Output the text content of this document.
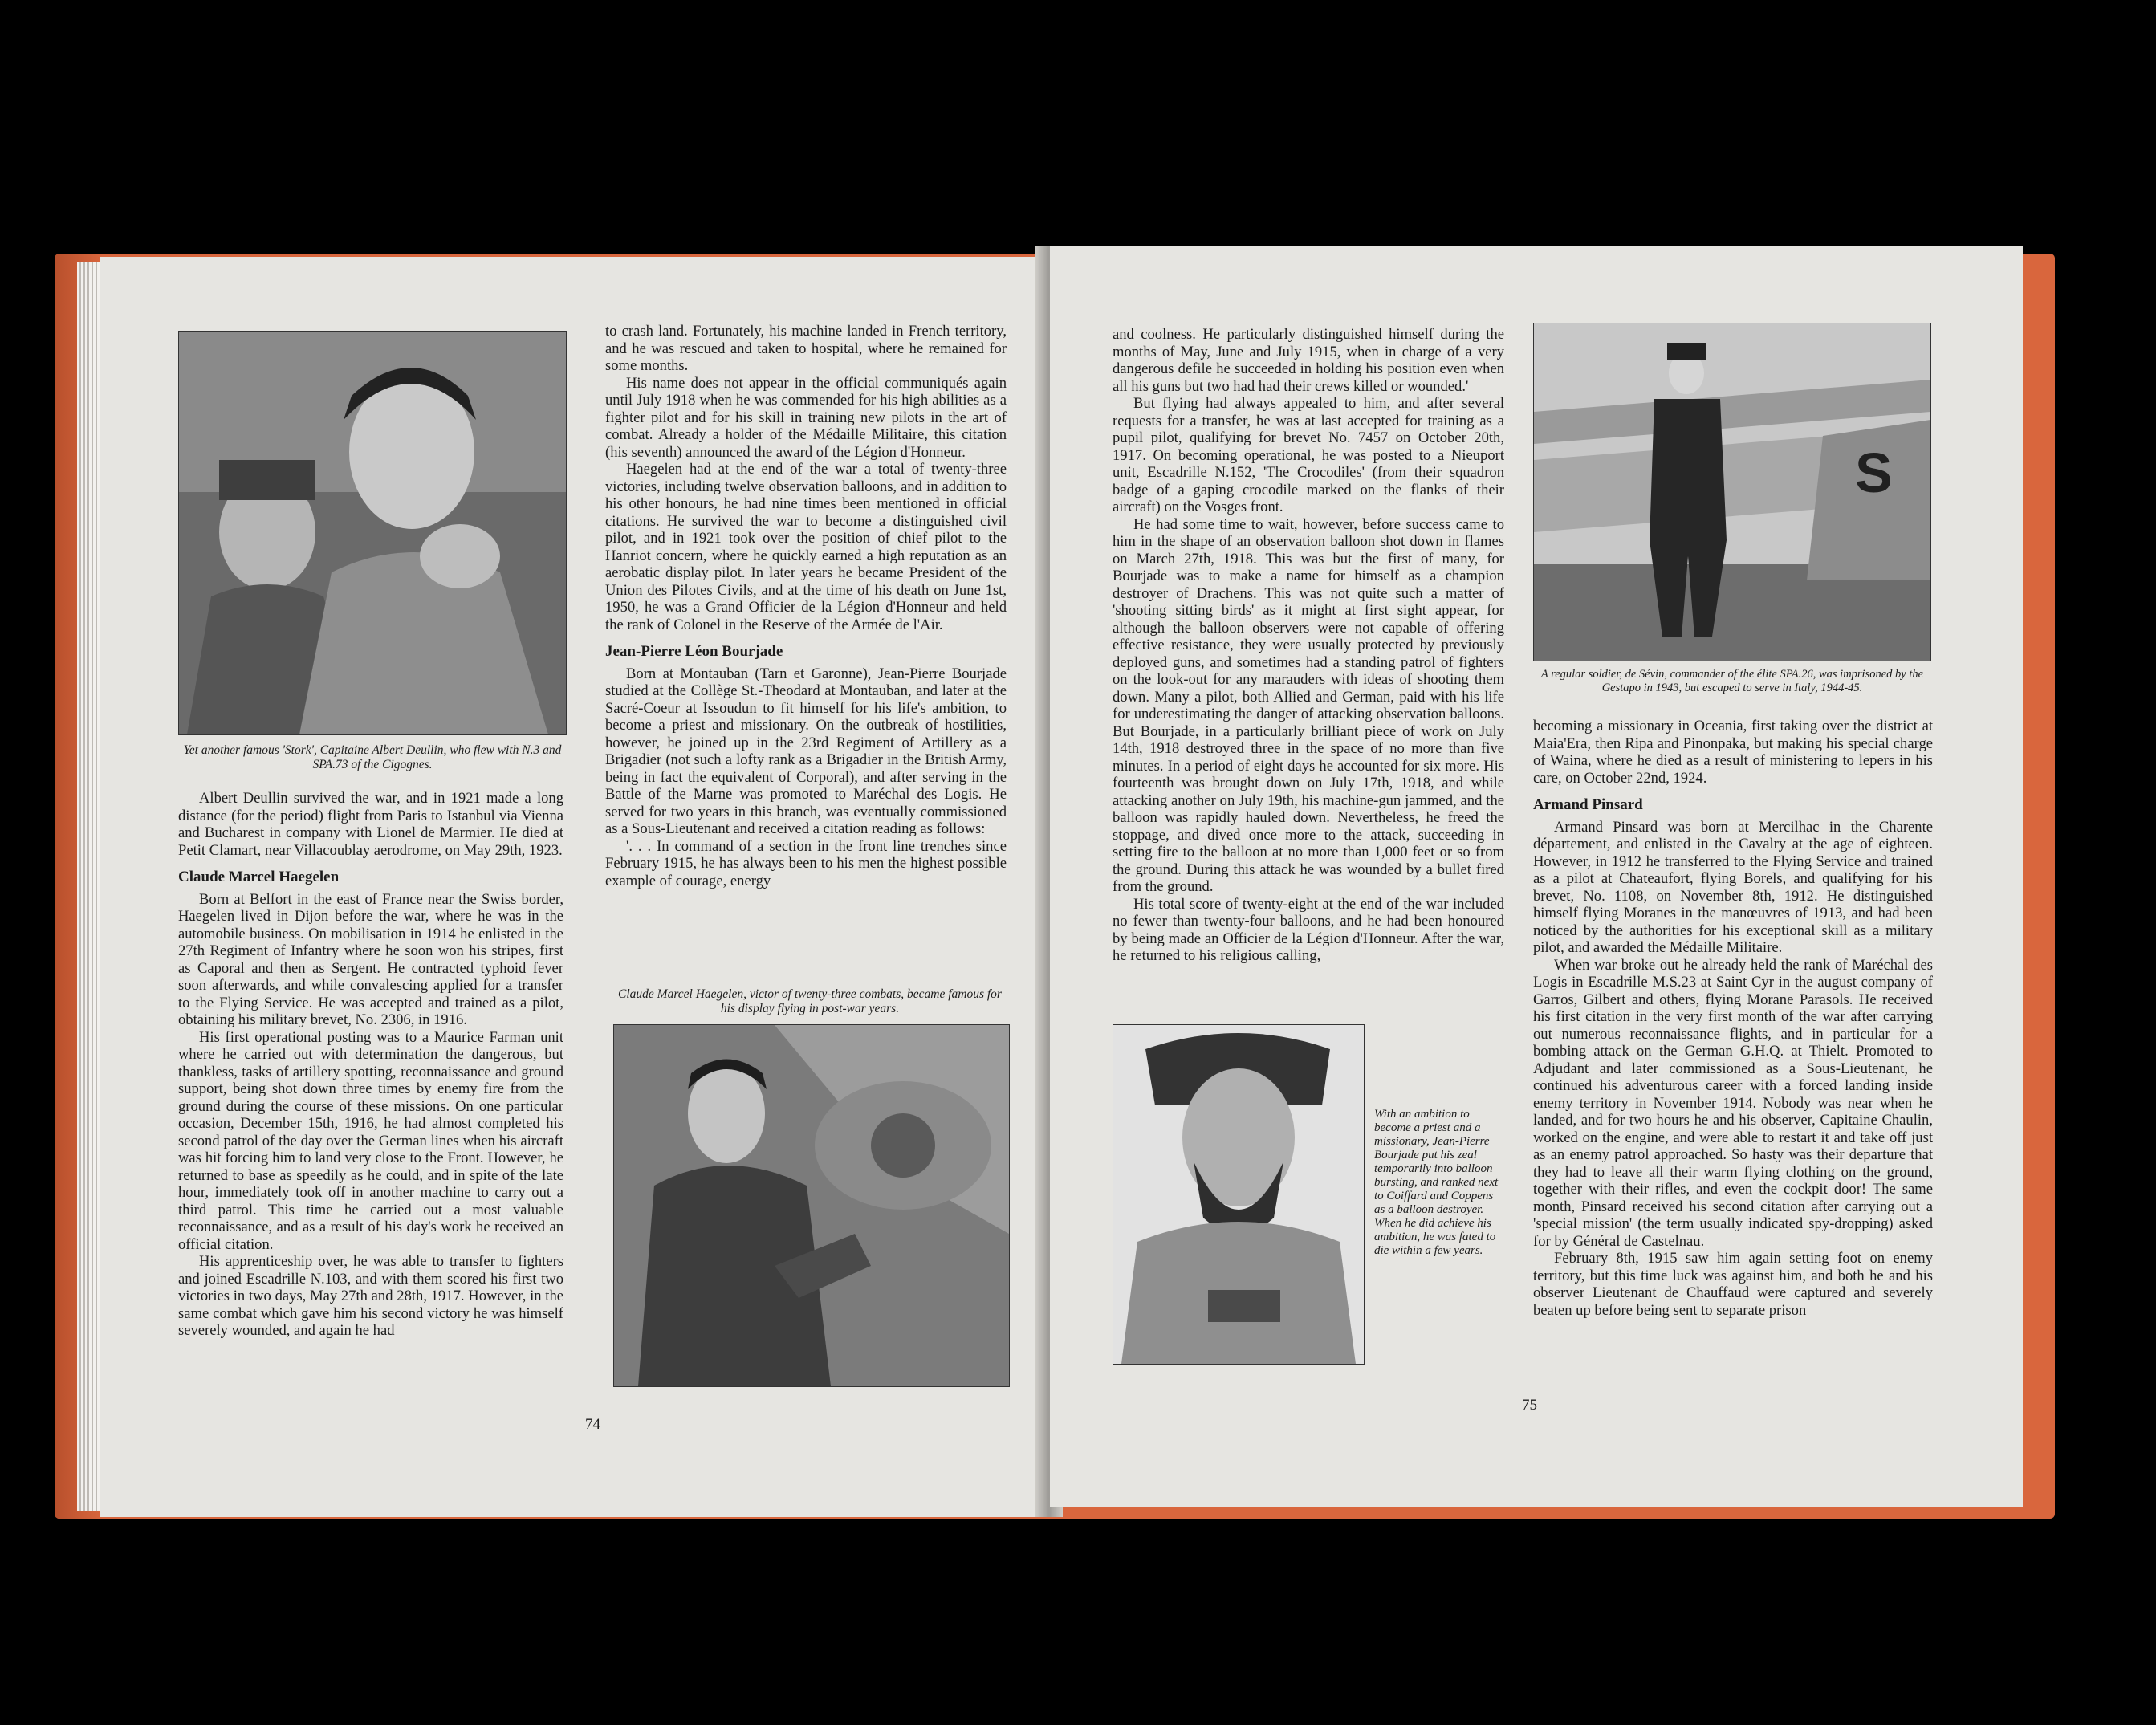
Yet another famous 'Stork', Capitaine Albert Deullin, who flew with N.3 and SPA.73 of the Cigognes.

Albert Deullin survived the war, and in 1921 made a long distance (for the period) flight from Paris to Istanbul via Vienna and Bucharest in company with Lionel de Marmier. He died at Petit Clamart, near Villacoublay aerodrome, on May 29th, 1923.

Claude Marcel Haegelen

Born at Belfort in the east of France near the Swiss border, Haegelen lived in Dijon before the war, where he was in the automobile business. On mobilisation in 1914 he enlisted in the 27th Regiment of Infantry where he soon won his stripes, first as Caporal and then as Sergent. He contracted typhoid fever soon afterwards, and while convalescing applied for a transfer to the Flying Service. He was accepted and trained as a pilot, obtaining his military brevet, No. 2306, in 1916.

His first operational posting was to a Maurice Farman unit where he carried out with determination the dangerous, but thankless, tasks of artillery spotting, reconnaissance and ground support, being shot down three times by enemy fire from the ground during the course of these missions. On one particular occasion, December 15th, 1916, he had almost completed his second patrol of the day over the German lines when his aircraft was hit forcing him to land very close to the Front. However, he returned to base as speedily as he could, and in spite of the late hour, immediately took off in another machine to carry out a third patrol. This time he carried out a most valuable reconnaissance, and as a result of his day's work he received an official citation.

His apprenticeship over, he was able to transfer to fighters and joined Escadrille N.103, and with them scored his first two victories in two days, May 27th and 28th, 1917. However, in the same combat which gave him his second victory he was himself severely wounded, and again he had

to crash land. Fortunately, his machine landed in French territory, and he was rescued and taken to hospital, where he remained for some months.

His name does not appear in the official communiqués again until July 1918 when he was commended for his high abilities as a fighter pilot and for his skill in training new pilots in the art of combat. Already a holder of the Médaille Militaire, this citation (his seventh) announced the award of the Légion d'Honneur.

Haegelen had at the end of the war a total of twenty-three victories, including twelve observation balloons, and in addition to his other honours, he had nine times been mentioned in official citations. He survived the war to become a distinguished civil pilot, and in 1921 took over the position of chief pilot to the Hanriot concern, where he quickly earned a high reputation as an aerobatic display pilot. In later years he became President of the Union des Pilotes Civils, and at the time of his death on June 1st, 1950, he was a Grand Officier de la Légion d'Honneur and held the rank of Colonel in the Reserve of the Armée de l'Air.

Jean-Pierre Léon Bourjade

Born at Montauban (Tarn et Garonne), Jean-Pierre Bourjade studied at the Collège St.-Theodard at Montauban, and later at the Sacré-Coeur at Issoudun to fit himself for his life's ambition, to become a priest and missionary. On the outbreak of hostilities, however, he joined up in the 23rd Regiment of Artillery as a Brigadier (not such a lofty rank as a Brigadier in the British Army, being in fact the equivalent of Corporal), and after serving in the Battle of the Marne was promoted to Maréchal des Logis. He served for two years in this branch, was eventually commissioned as a Sous-Lieutenant and received a citation reading as follows:

'. . . In command of a section in the front line trenches since February 1915, he has always been to his men the highest possible example of courage, energy

Claude Marcel Haegelen, victor of twenty-three combats, became famous for his display flying in post-war years.
74

and coolness. He particularly distinguished himself during the months of May, June and July 1915, when in charge of a very dangerous defile he succeeded in holding his position even when all his guns but two had had their crews killed or wounded.'

But flying had always appealed to him, and after several requests for a transfer, he was at last accepted for training as a pupil pilot, qualifying for brevet No. 7457 on October 20th, 1917. On becoming operational, he was posted to a Nieuport unit, Escadrille N.152, 'The Crocodiles' (from their squadron badge of a gaping crocodile marked on the flanks of their aircraft) on the Vosges front.

He had some time to wait, however, before success came to him in the shape of an observation balloon shot down in flames on March 27th, 1918. This was but the first of many, for Bourjade was to make a name for himself as a champion destroyer of Drachens. This was not quite such a matter of 'shooting sitting birds' as it might at first sight appear, for although the balloon observers were not capable of offering effective resistance, they were usually protected by previously deployed guns, and sometimes had a standing patrol of fighters on the look-out for any marauders with ideas of shooting them down. Many a pilot, both Allied and German, paid with his life for underestimating the danger of attacking observation balloons. But Bourjade, in a particularly brilliant piece of work on July 14th, 1918 destroyed three in the space of no more than five minutes. In a period of eight days he accounted for six more. His fourteenth was brought down on July 17th, 1918, and while attacking another on July 19th, his machine-gun jammed, and the balloon was rapidly hauled down. Nevertheless, he freed the stoppage, and dived once more to the attack, succeeding in setting fire to the balloon at no more than 1,000 feet or so from the ground. During this attack he was wounded by a bullet fired from the ground.

His total score of twenty-eight at the end of the war included no fewer than twenty-four balloons, and he had been honoured by being made an Officier de la Légion d'Honneur. After the war, he returned to his religious calling,

With an ambition to become a priest and a missionary, Jean-Pierre Bourjade put his zeal temporarily into balloon bursting, and ranked next to Coiffard and Coppens as a balloon destroyer. When he did achieve his ambition, he was fated to die within a few years.
S
A regular soldier, de Sévin, commander of the élite SPA.26, was imprisoned by the Gestapo in 1943, but escaped to serve in Italy, 1944-45.

becoming a missionary in Oceania, first taking over the district at Maia'Era, then Ripa and Pinonpaka, but making his special charge of Waina, where he died as a result of ministering to lepers in his care, on October 22nd, 1924.

Armand Pinsard

Armand Pinsard was born at Mercilhac in the Charente département, and enlisted in the Cavalry at the age of eighteen. However, in 1912 he transferred to the Flying Service and trained as a pilot at Chateaufort, flying Borels, and qualifying for his brevet, No. 1108, on November 8th, 1912. He distinguished himself flying Moranes in the manœuvres of 1913, and had been noticed by the authorities for his exceptional skill as a military pilot, and awarded the Médaille Militaire.

When war broke out he already held the rank of Maréchal des Logis in Escadrille M.S.23 at Saint Cyr in the august company of Garros, Gilbert and others, flying Morane Parasols. He received his first citation in the very first month of the war after carrying out numerous reconnaissance flights, and in particular for a bombing attack on the German G.H.Q. at Thielt. Promoted to Adjudant and later commissioned as a Sous-Lieutenant, he continued his adventurous career with a forced landing inside enemy territory in November 1914. Nobody was near when he landed, and for two hours he and his observer, Capitaine Chaulin, worked on the engine, and were able to restart it and take off just as an enemy patrol approached. So hasty was their departure that they had to leave all their warm flying clothing on the ground, together with their rifles, and even the cockpit door! The same month, Pinsard received his second citation after carrying out a 'special mission' (the term usually indicated spy-dropping) asked for by Général de Castelnau.

February 8th, 1915 saw him again setting foot on enemy territory, but this time luck was against him, and both he and his observer Lieutenant de Chauffaud were captured and severely beaten up before being sent to separate prison

75
